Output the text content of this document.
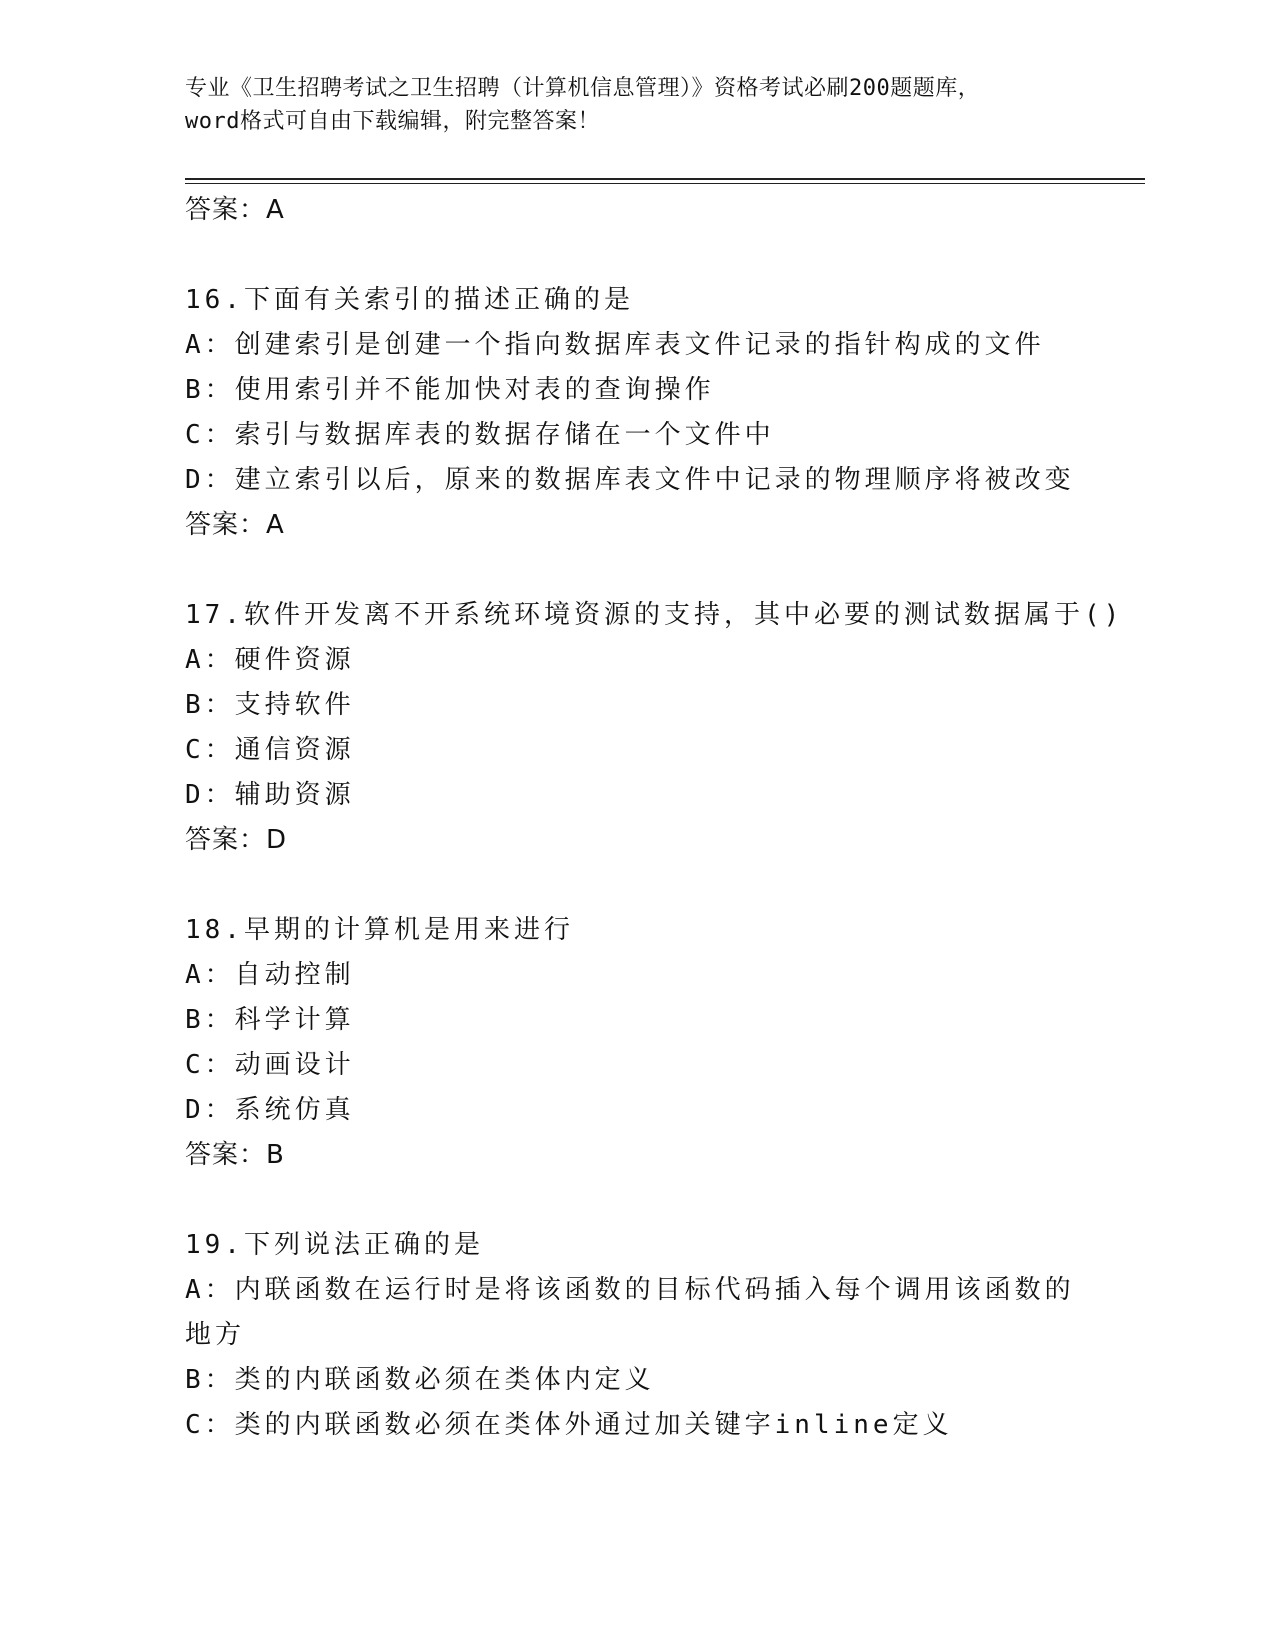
专业《卫生招聘考试之卫生招聘（计算机信息管理）》资格考试必刷200题题库，
word格式可自由下载编辑，附完整答案！
答案：A
16.下面有关索引的描述正确的是
A：创建索引是创建一个指向数据库表文件记录的指针构成的文件
B：使用索引并不能加快对表的查询操作
C：索引与数据库表的数据存储在一个文件中
D：建立索引以后，原来的数据库表文件中记录的物理顺序将被改变
答案：A
17.软件开发离不开系统环境资源的支持，其中必要的测试数据属于()
A：硬件资源
B：支持软件
C：通信资源
D：辅助资源
答案：D
18.早期的计算机是用来进行
A：自动控制
B：科学计算
C：动画设计
D：系统仿真
答案：B
19.下列说法正确的是
A：内联函数在运行时是将该函数的目标代码插入每个调用该函数的地方
B：类的内联函数必须在类体内定义
C：类的内联函数必须在类体外通过加关键字inline定义
